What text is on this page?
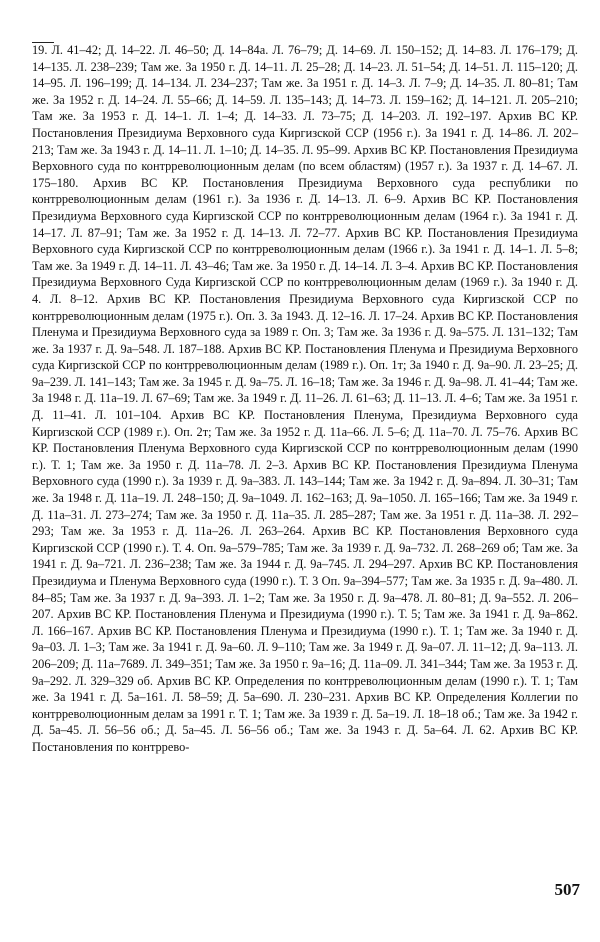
19. Л. 41–42; Д. 14–22. Л. 46–50; Д. 14–84а. Л. 76–79; Д. 14–69. Л. 150–152; Д. 14–83. Л. 176–179; Д. 14–135. Л. 238–239; Там же. За 1950 г. Д. 14–11. Л. 25–28; Д. 14–23. Л. 51–54; Д. 14–51. Л. 115–120; Д. 14–95. Л. 196–199; Д. 14–134. Л. 234–237; Там же. За 1951 г. Д. 14–3. Л. 7–9; Д. 14–35. Л. 80–81; Там же. За 1952 г. Д. 14–24. Л. 55–66; Д. 14–59. Л. 135–143; Д. 14–73. Л. 159–162; Д. 14–121. Л. 205–210; Там же. За 1953 г. Д. 14–1. Л. 1–4; Д. 14–33. Л. 73–75; Д. 14–203. Л. 192–197. Архив ВС КР. Постановления Президиума Верховного суда Киргизской ССР (1956 г.). За 1941 г. Д. 14–86. Л. 202–213; Там же. За 1943 г. Д. 14–11. Л. 1–10; Д. 14–35. Л. 95–99. Архив ВС КР. Постановления Президиума Верховного суда по контрреволюционным делам (по всем областям) (1957 г.). За 1937 г. Д. 14–67. Л. 175–180. Архив ВС КР. Постановления Президиума Верховного суда республики по контрреволюционным делам (1961 г.). За 1936 г. Д. 14–13. Л. 6–9. Архив ВС КР. Постановления Президиума Верховного суда Киргизской ССР по контрреволюционным делам (1964 г.). За 1941 г. Д. 14–17. Л. 87–91; Там же. За 1952 г. Д. 14–13. Л. 72–77. Архив ВС КР. Постановления Президиума Верховного суда Киргизской ССР по контрреволюционным делам (1966 г.). За 1941 г. Д. 14–1. Л. 5–8; Там же. За 1949 г. Д. 14–11. Л. 43–46; Там же. За 1950 г. Д. 14–14. Л. 3–4. Архив ВС КР. Постановления Президиума Верховного Суда Киргизской ССР по контрреволюционным делам (1969 г.). За 1940 г. Д. 4. Л. 8–12. Архив ВС КР. Постановления Президиума Верховного суда Киргизской ССР по контрреволюционным делам (1975 г.). Оп. 3. За 1943. Д. 12–16. Л. 17–24. Архив ВС КР. Постановления Пленума и Президиума Верховного суда за 1989 г. Оп. 3; Там же. За 1936 г. Д. 9а–575. Л. 131–132; Там же. За 1937 г. Д. 9а–548. Л. 187–188. Архив ВС КР. Постановления Пленума и Президиума Верховного суда Киргизской ССР по контрреволюционным делам (1989 г.). Оп. 1т; За 1940 г. Д. 9а–90. Л. 23–25; Д. 9а–239. Л. 141–143; Там же. За 1945 г. Д. 9а–75. Л. 16–18; Там же. За 1946 г. Д. 9а–98. Л. 41–44; Там же. За 1948 г. Д. 11а–19. Л. 67–69; Там же. За 1949 г. Д. 11–26. Л. 61–63; Д. 11–13. Л. 4–6; Там же. За 1951 г. Д. 11–41. Л. 101–104. Архив ВС КР. Постановления Пленума, Президиума Верховного суда Киргизской ССР (1989 г.). Оп. 2т; Там же. За 1952 г. Д. 11а–66. Л. 5–6; Д. 11а–70. Л. 75–76. Архив ВС КР. Постановления Пленума Верховного суда Киргизской ССР по контрреволюционным делам (1990 г.). Т. 1; Там же. За 1950 г. Д. 11а–78. Л. 2–3. Архив ВС КР. Постановления Президиума Пленума Верховного суда (1990 г.). За 1939 г. Д. 9а–383. Л. 143–144; Там же. За 1942 г. Д. 9а–894. Л. 30–31; Там же. За 1948 г. Д. 11а–19. Л. 248–150; Д. 9а–1049. Л. 162–163; Д. 9а–1050. Л. 165–166; Там же. За 1949 г. Д. 11а–31. Л. 273–274; Там же. За 1950 г. Д. 11а–35. Л. 285–287; Там же. За 1951 г. Д. 11а–38. Л. 292–293; Там же. За 1953 г. Д. 11а–26. Л. 263–264. Архив ВС КР. Постановления Верховного суда Киргизской ССР (1990 г.). Т. 4. Оп. 9а–579–785; Там же. За 1939 г. Д. 9а–732. Л. 268–269 об; Там же. За 1941 г. Д. 9а–721. Л. 236–238; Там же. За 1944 г. Д. 9а–745. Л. 294–297. Архив ВС КР. Постановления Президиума и Пленума Верховного суда (1990 г.). Т. 3 Оп. 9а–394–577; Там же. За 1935 г. Д. 9а–480. Л. 84–85; Там же. За 1937 г. Д. 9а–393. Л. 1–2; Там же. За 1950 г. Д. 9а–478. Л. 80–81; Д. 9а–552. Л. 206–207. Архив ВС КР. Постановления Пленума и Президиума (1990 г.). Т. 5; Там же. За 1941 г. Д. 9а–862. Л. 166–167. Архив ВС КР. Постановления Пленума и Президиума (1990 г.). Т. 1; Там же. За 1940 г. Д. 9а–03. Л. 1–3; Там же. За 1941 г. Д. 9а–60. Л. 9–110; Там же. За 1949 г. Д. 9а–07. Л. 11–12; Д. 9а–113. Л. 206–209; Д. 11а–7689. Л. 349–351; Там же. За 1950 г. 9а–16; Д. 11а–09. Л. 341–344; Там же. За 1953 г. Д. 9а–292. Л. 329–329 об. Архив ВС КР. Определения по контрреволюционным делам (1990 г.). Т. 1; Там же. За 1941 г. Д. 5а–161. Л. 58–59; Д. 5а–690. Л. 230–231. Архив ВС КР. Определения Коллегии по контрреволюционным делам за 1991 г. Т. 1; Там же. За 1939 г. Д. 5а–19. Л. 18–18 об.; Там же. За 1942 г. Д. 5а–45. Л. 56–56 об.; Д. 5а–45. Л. 56–56 об.; Там же. За 1943 г. Д. 5а–64. Л. 62. Архив ВС КР. Постановления по контррево-

507
